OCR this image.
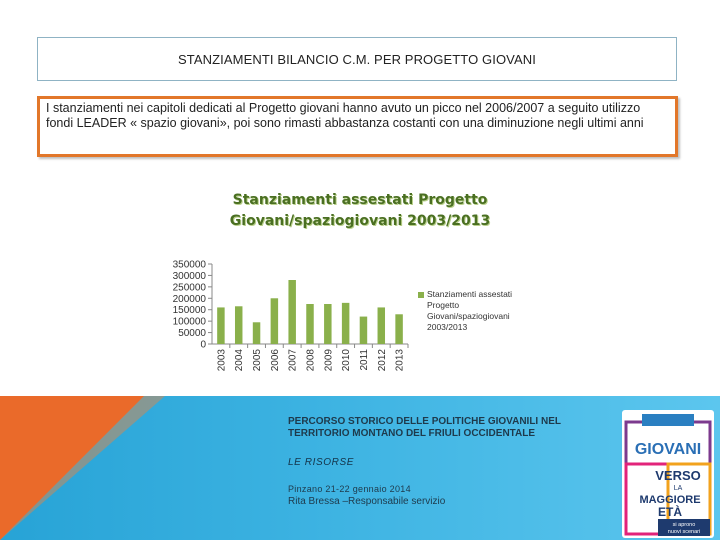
STANZIAMENTI BILANCIO C.M. PER PROGETTO GIOVANI
I stanziamenti nei capitoli dedicati al Progetto giovani hanno avuto un picco nel 2006/2007 a seguito utilizzo fondi LEADER « spazio giovani», poi sono rimasti abbastanza costanti con una diminuzione negli ultimi anni
Stanziamenti assestati Progetto Giovani/spaziogiovani 2003/2013
350000
300000
250000
200000
150000
100000
50000
0
2003 2004 2005 2006 2007 2008 2009 2010 2011 2012 2013
Stanziamenti assestati Progetto Giovani/spaziogiovani 2003/2013
PERCORSO STORICO DELLE POLITICHE GIOVANILI NEL TERRITORIO MONTANO DEL FRIULI OCCIDENTALE
LE RISORSE
Pinzano 21-22 gennaio 2014
Rita Bressa –Responsabile servizio
GIOVANI
VERSO
LA
MAGGIORE
ETÀ
si aprono
nuovi scenari
